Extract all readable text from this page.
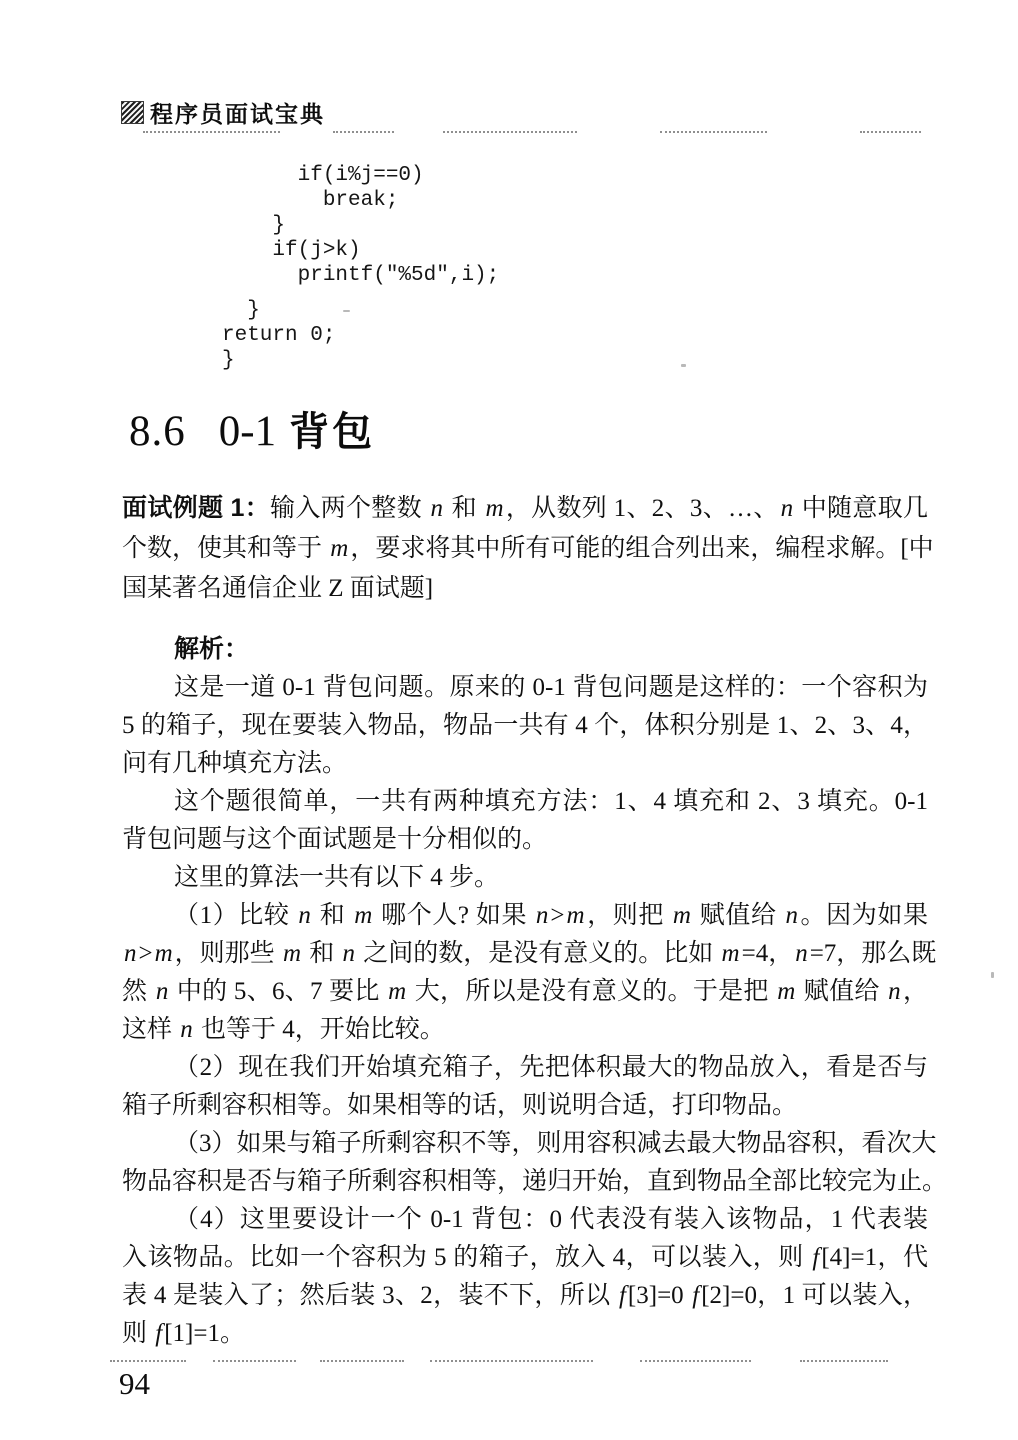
程序员面试宝典
if(i%j==0)
break;
}
if(j>k)
printf("%5d",i);
}
return 0;
}
8.6 0-1 背包
面试例题 1：输入两个整数 n 和 m，从数列 1、2、3、…、n 中随意取几
个数，使其和等于 m，要求将其中所有可能的组合列出来，编程求解。[中
国某著名通信企业 Z 面试题]
解析：
这是一道 0-1 背包问题。原来的 0-1 背包问题是这样的：一个容积为
5 的箱子，现在要装入物品，物品一共有 4 个，体积分别是 1、2、3、4，
问有几种填充方法。
这个题很简单，一共有两种填充方法：1、4 填充和 2、3 填充。0-1
背包问题与这个面试题是十分相似的。
这里的算法一共有以下 4 步。
（1）比较 n 和 m 哪个人? 如果 n>m，则把 m 赋值给 n。因为如果
n>m，则那些 m 和 n 之间的数，是没有意义的。比如 m=4，n=7，那么既
然 n 中的 5、6、7 要比 m 大，所以是没有意义的。于是把 m 赋值给 n，
这样 n 也等于 4，开始比较。
（2）现在我们开始填充箱子，先把体积最大的物品放入，看是否与
箱子所剩容积相等。如果相等的话，则说明合适，打印物品。
（3）如果与箱子所剩容积不等，则用容积减去最大物品容积，看次大
物品容积是否与箱子所剩容积相等，递归开始，直到物品全部比较完为止。
（4）这里要设计一个 0-1 背包：0 代表没有装入该物品，1 代表装
入该物品。比如一个容积为 5 的箱子，放入 4，可以装入，则 f[4]=1，代
表 4 是装入了；然后装 3、2，装不下，所以 f[3]=0 f[2]=0，1 可以装入，
则 f[1]=1。
94
